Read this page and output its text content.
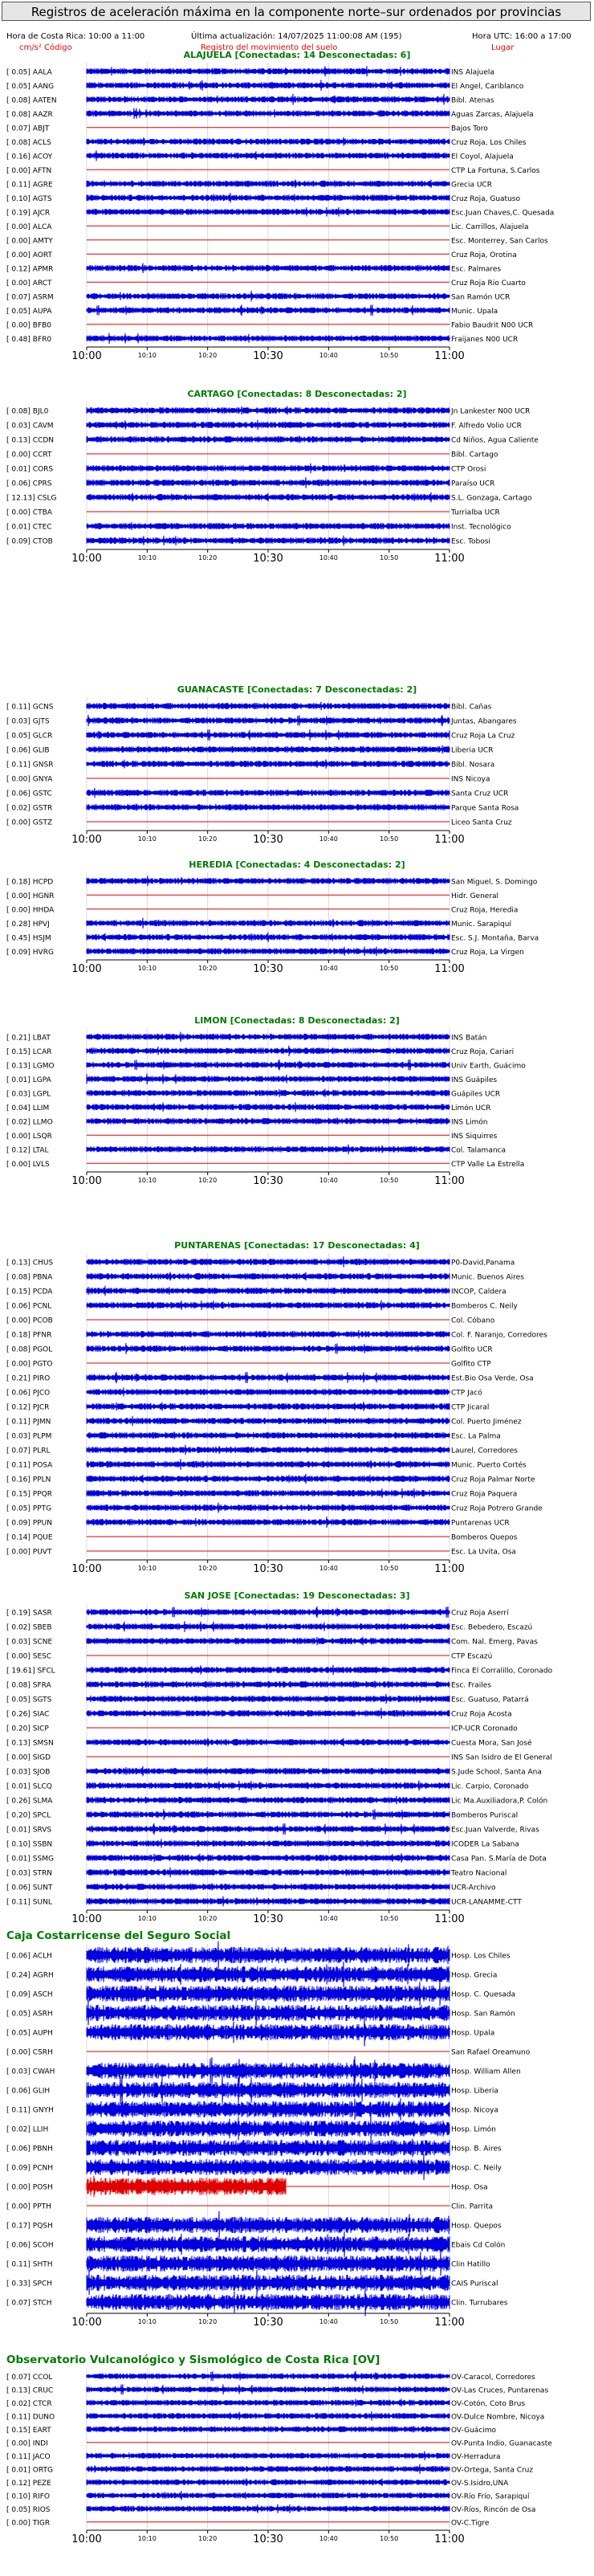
Registros de aceleración máxima en la componente norte–sur ordenados por provincias
Hora de Costa Rica: 10:00 a 11:00	Última actualización: 14/07/2025 11:00:08 AM (195)	Hora UTC: 16:00 a 17:00
cm/s² Código	Registro del movimiento del suelo	Lugar
ALAJUELA [Conectadas: 14 Desconectadas: 6]
[ 0.05] AALA	INS Alajuela
[ 0.05] AANG	El Angel, Cariblanco
[ 0.08] AATEN	Bibl. Atenas
[ 0.08] AAZR	Aguas Zarcas, Alajuela
[ 0.07] ABJT	Bajos Toro
[ 0.08] ACLS	Cruz Roja, Los Chiles
[ 0.16] ACOY	El Coyol, Alajuela
[ 0.00] AFTN	CTP La Fortuna, S.Carlos
[ 0.11] AGRE	Grecia UCR
[ 0.10] AGTS	Cruz Roja, Guatuso
[ 0.19] AJCR	Esc.Juan Chaves,C. Quesada
[ 0.00] ALCA	Lic. Carrillos, Alajuela
[ 0.00] AMTY	Esc. Monterrey, San Carlos
[ 0.00] AORT	Cruz Roja, Orotina
[ 0.12] APMR	Esc. Palmares
[ 0.00] ARCT	Cruz Roja Rio Cuarto
[ 0.07] ASRM	San Ramón UCR
[ 0.05] AUPA	Munic. Upala
[ 0.00] BFB0	Fabio Baudrit N00 UCR
[ 0.48] BFR0	Fraijanes N00 UCR
10:00	10:10	10:20	10:30	10:40	10:50	11:00
CARTAGO [Conectadas: 8 Desconectadas: 2]
[ 0.08] BJL0	Jn Lankester N00 UCR
[ 0.03] CAVM	F. Alfredo Volio UCR
[ 0.13] CCDN	Cd Niños, Agua Caliente
[ 0.00] CCRT	Bibl. Cartago
[ 0.01] CORS	CTP Orosi
[ 0.06] CPRS	Paraíso UCR
[ 12.13] CSLG	S.L. Gonzaga, Cartago
[ 0.00] CTBA	Turrialba UCR
[ 0.01] CTEC	Inst. Tecnológico
[ 0.09] CTOB	Esc. Tobosi
10:00	10:10	10:20	10:30	10:40	10:50	11:00
GUANACASTE [Conectadas: 7 Desconectadas: 2]
[ 0.11] GCNS	Bibl. Cañas
[ 0.03] GJTS	Juntas, Abangares
[ 0.05] GLCR	Cruz Roja La Cruz
[ 0.06] GLIB	Liberia UCR
[ 0.11] GNSR	Bibl. Nosara
[ 0.00] GNYA	INS Nicoya
[ 0.06] GSTC	Santa Cruz UCR
[ 0.02] GSTR	Parque Santa Rosa
[ 0.00] GSTZ	Liceo Santa Cruz
10:00	10:10	10:20	10:30	10:40	10:50	11:00
HEREDIA [Conectadas: 4 Desconectadas: 2]
[ 0.18] HCPD	San Miguel, S. Domingo
[ 0.00] HGNR	Hidr. General
[ 0.00] HHDA	Cruz Roja, Heredia
[ 0.28] HPVJ	Munic. Sarapiquí
[ 0.45] HSJM	Esc. S.J. Montaña, Barva
[ 0.09] HVRG	Cruz Roja, La Virgen
10:00	10:10	10:20	10:30	10:40	10:50	11:00
LIMON [Conectadas: 8 Desconectadas: 2]
[ 0.21] LBAT	INS Batán
[ 0.15] LCAR	Cruz Roja, Cariari
[ 0.13] LGMO	Univ Earth, Guácimo
[ 0.01] LGPA	INS Guápiles
[ 0.03] LGPL	Guápiles UCR
[ 0.04] LLIM	Limón UCR
[ 0.02] LLMO	INS Limón
[ 0.00] LSQR	INS Siquirres
[ 0.12] LTAL	Col. Talamanca
[ 0.00] LVLS	CTP Valle La Estrella
10:00	10:10	10:20	10:30	10:40	10:50	11:00
PUNTARENAS [Conectadas: 17 Desconectadas: 4]
[ 0.13] CHUS	P0-David,Panama
[ 0.08] PBNA	Munic. Buenos Aires
[ 0.15] PCDA	INCOP, Caldera
[ 0.06] PCNL	Bomberos C. Neily
[ 0.00] PCOB	Col. Cóbano
[ 0.18] PFNR	Col. F. Naranjo, Corredores
[ 0.08] PGOL	Golfito UCR
[ 0.00] PGTO	Golfito CTP
[ 0.21] PIRO	Est.Bio Osa Verde, Osa
[ 0.06] PJCO	CTP Jacó
[ 0.12] PJCR	CTP Jicaral
[ 0.11] PJMN	Col. Puerto Jiménez
[ 0.03] PLPM	Esc. La Palma
[ 0.07] PLRL	Laurel, Corredores
[ 0.11] POSA	Munic. Puerto Cortés
[ 0.16] PPLN	Cruz Roja Palmar Norte
[ 0.15] PPQR	Cruz Roja Paquera
[ 0.05] PPTG	Cruz Roja Potrero Grande
[ 0.09] PPUN	Puntarenas UCR
[ 0.14] PQUE	Bomberos Quepos
[ 0.00] PUVT	Esc. La Uvita, Osa
10:00	10:10	10:20	10:30	10:40	10:50	11:00
SAN JOSE [Conectadas: 19 Desconectadas: 3]
[ 0.19] SASR	Cruz Roja Aserrí
[ 0.02] SBEB	Esc. Bebedero, Escazú
[ 0.03] SCNE	Com. Nal. Emerg, Pavas
[ 0.00] SESC	CTP Escazú
[ 19.61] SFCL	Finca El Corralillo, Coronado
[ 0.08] SFRA	Esc. Frailes
[ 0.05] SGTS	Esc. Guatuso, Patarrá
[ 0.26] SIAC	Cruz Roja Acosta
[ 0.20] SICP	ICP-UCR Coronado
[ 0.13] SMSN	Cuesta Mora, San José
[ 0.00] SIGD	INS San Isidro de El General
[ 0.03] SJOB	S.Jude School, Santa Ana
[ 0.01] SLCQ	Lic. Carpio, Coronado
[ 0.26] SLMA	Lic Ma.Auxiliadora,P. Colón
[ 0.20] SPCL	Bomberos Puriscal
[ 0.01] SRVS	Esc.Juan Valverde, Rivas
[ 0.10] SSBN	ICODER La Sabana
[ 0.01] SSMG	Casa Pan. S.María de Dota
[ 0.03] STRN	Teatro Nacional
[ 0.06] SUNT	UCR-Archivo
[ 0.11] SUNL	UCR-LANAMME-CTT
10:00	10:10	10:20	10:30	10:40	10:50	11:00
Caja Costarricense del Seguro Social
[ 0.06] ACLH	Hosp. Los Chiles
[ 0.24] AGRH	Hosp. Grecia
[ 0.09] ASCH	Hosp. C. Quesada
[ 0.05] ASRH	Hosp. San Ramón
[ 0.05] AUPH	Hosp. Upala
[ 0.00] CSRH	San Rafael Oreamuno
[ 0.03] CWAH	Hosp. William Allen
[ 0.06] GLIH	Hosp. Liberia
[ 0.11] GNYH	Hosp. Nicoya
[ 0.02] LLIH	Hosp. Limón
[ 0.06] PBNH	Hosp. B. Aires
[ 0.09] PCNH	Hosp. C. Neily
[ 0.00] POSH	Hosp. Osa
[ 0.00] PPTH	Clin. Parrita
[ 0.17] PQSH	Hosp. Quepos
[ 0.06] SCOH	Ebais Cd Colón
[ 0.11] SHTH	Clin Hatillo
[ 0.33] SPCH	CAIS Puriscal
[ 0.07] STCH	Clin. Turrubares
10:00	10:10	10:20	10:30	10:40	10:50	11:00
Observatorio Vulcanológico y Sismológico de Costa Rica [OV]
[ 0.07] CCOL	OV-Caracol, Corredores
[ 0.13] CRUC	OV-Las Cruces, Puntarenas
[ 0.02] CTCR	OV-Cotón, Coto Brus
[ 0.11] DUNO	OV-Dulce Nombre, Nicoya
[ 0.15] EART	OV-Guácimo
[ 0.00] INDI	OV-Punta Indio, Guanacaste
[ 0.11] JACO	OV-Herradura
[ 0.01] ORTG	OV-Ortega, Santa Cruz
[ 0.12] PEZE	OV-S.Isidro,UNA
[ 0.10] RIFO	OV-Río Frío, Sarapiquí
[ 0.05] RIOS	OV-Ríos, Rincón de Osa
[ 0.00] TIGR	OV-C.Tigre
10:00	10:10	10:20	10:30	10:40	10:50	11:00
